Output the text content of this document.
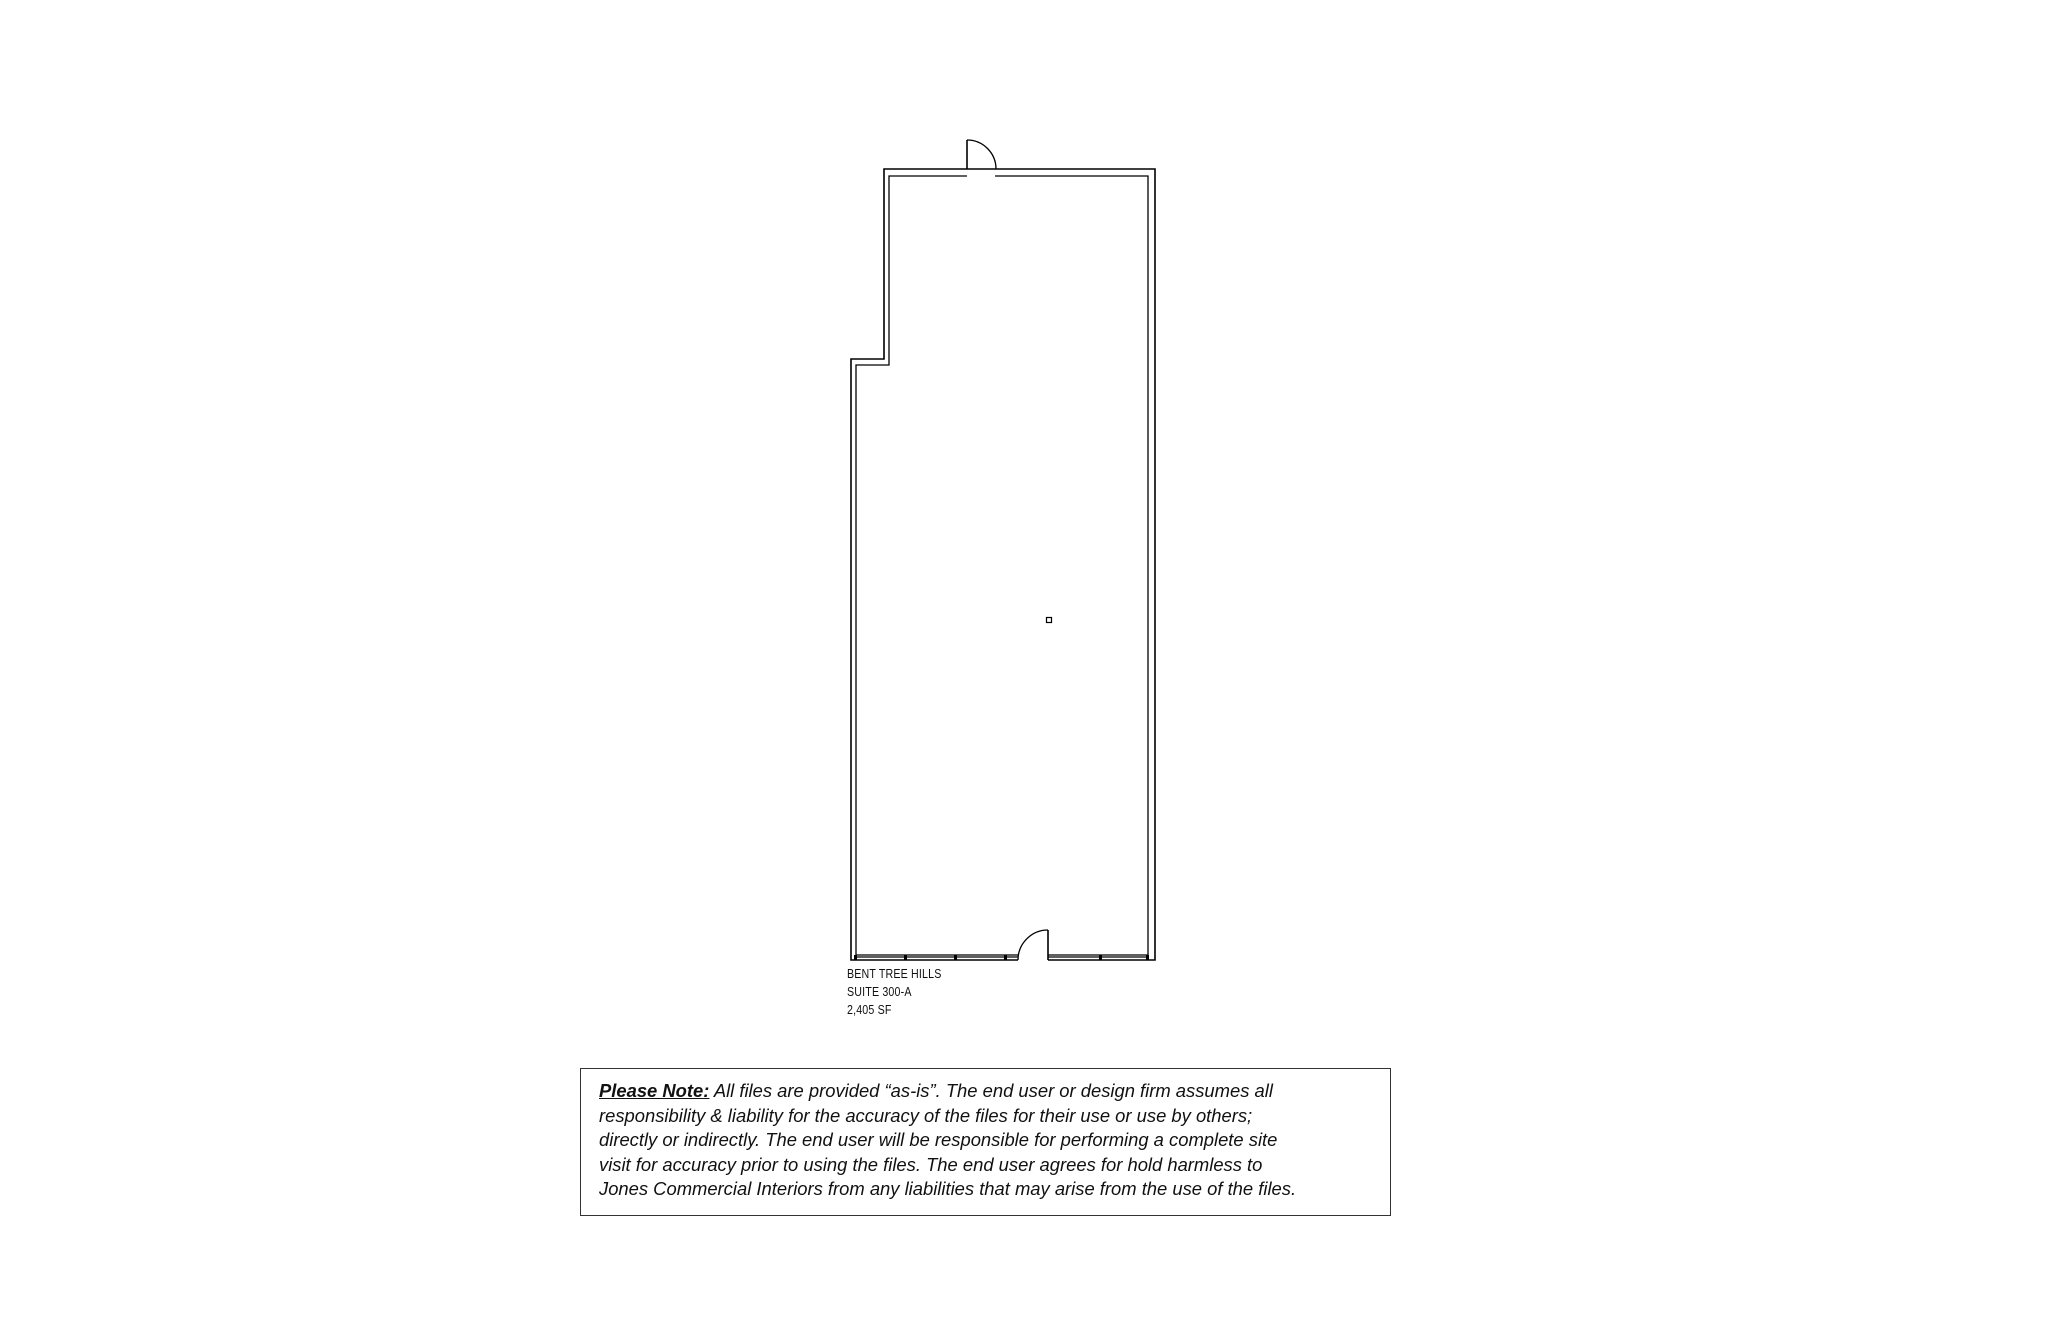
BENT TREE HILLS
SUITE 300-A
2,405 SF
Please Note: All files are provided “as-is”. The end user or design firm assumes all
responsibility & liability for the accuracy of the files for their use or use by others;
directly or indirectly. The end user will be responsible for performing a complete site
visit for accuracy prior to using the files. The end user agrees for hold harmless to
Jones Commercial Interiors from any liabilities that may arise from the use of the files.
